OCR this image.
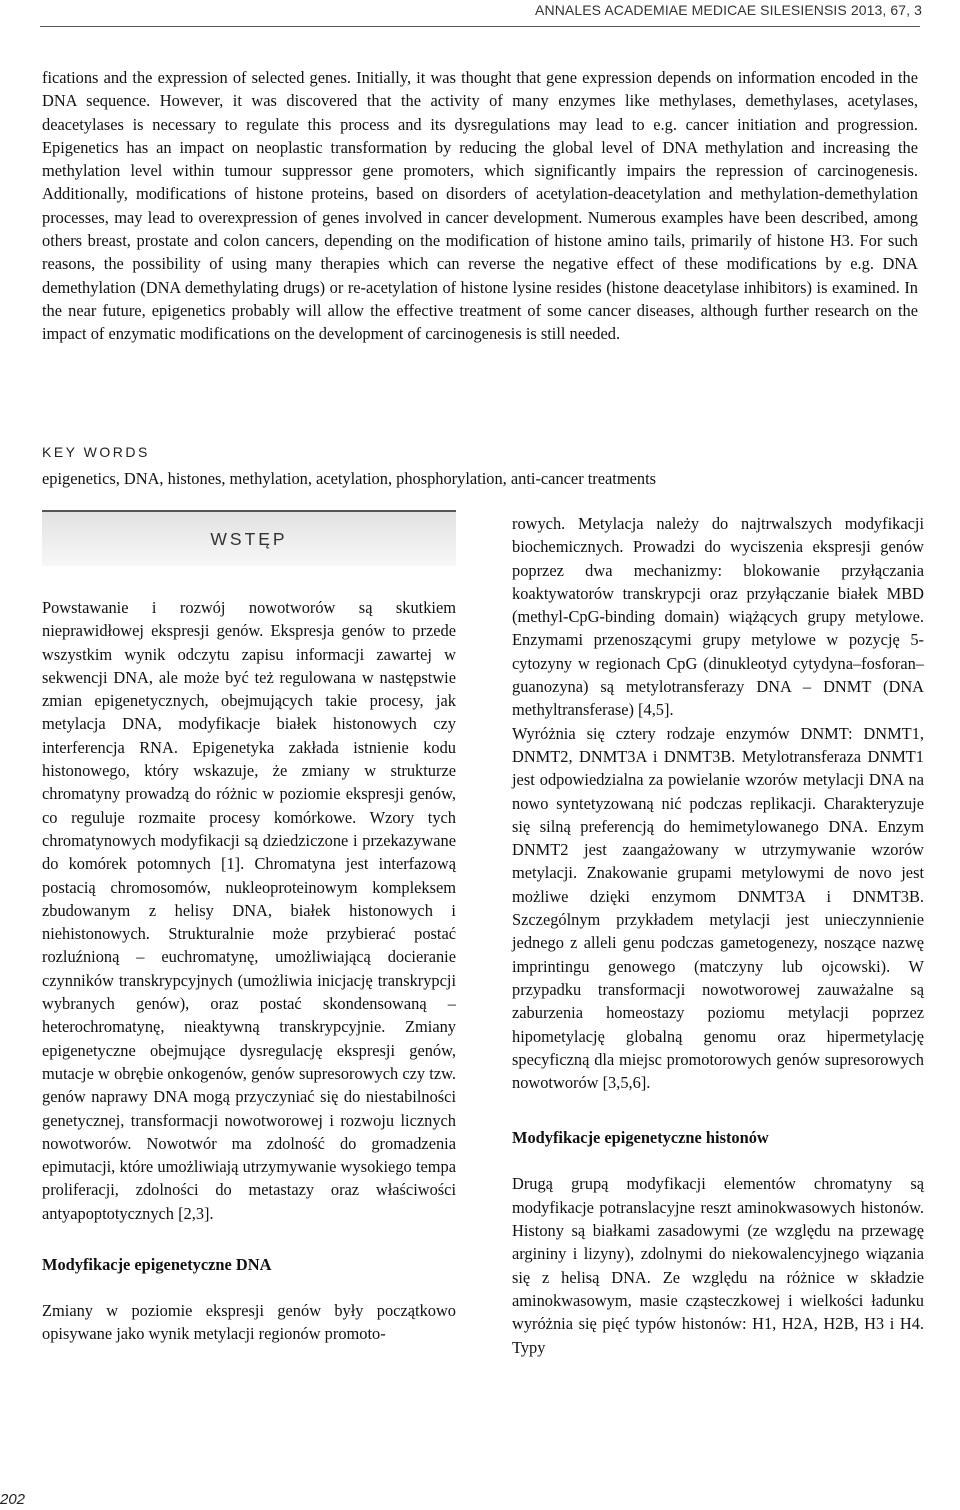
ANNALES ACADEMIAE MEDICAE SILESIENSIS 2013, 67, 3

fications and the expression of selected genes. Initially, it was thought that gene expression depends on information encoded in the DNA sequence. However, it was discovered that the activity of many enzymes like methylases, demethylases, acetylases, deacetylases is necessary to regulate this process and its dysregulations may lead to e.g. cancer initiation and progression. Epigenetics has an impact on neoplastic transformation by reducing the global level of DNA methylation and increasing the methylation level within tumour suppressor gene promoters, which significantly impairs the repression of carcinogenesis. Additionally, modifications of histone proteins, based on disorders of acetylation-deacetylation and methylation-demethylation processes, may lead to overexpression of genes involved in cancer development. Numerous examples have been described, among others breast, prostate and colon cancers, depending on the modification of histone amino tails, primarily of histone H3. For such reasons, the possibility of using many therapies which can reverse the negative effect of these modifications by e.g. DNA demethylation (DNA demethylating drugs) or re-acetylation of histone lysine resides (histone deacetylase inhibitors) is examined. In the near future, epigenetics probably will allow the effective treatment of some cancer diseases, although further research on the impact of enzymatic modifications on the development of carcinogenesis is still needed.

KEY WORDS

epigenetics, DNA, histones, methylation, acetylation, phosphorylation, anti-cancer treatments

WSTĘP

Powstawanie i rozwój nowotworów są skutkiem nieprawidłowej ekspresji genów. Ekspresja genów to przede wszystkim wynik odczytu zapisu informacji zawartej w sekwencji DNA, ale może być też regulowana w następstwie zmian epigenetycznych, obejmujących takie procesy, jak metylacja DNA, modyfikacje białek histonowych czy interferencja RNA. Epigenetyka zakłada istnienie kodu histonowego, który wskazuje, że zmiany w strukturze chromatyny prowadzą do różnic w poziomie ekspresji genów, co reguluje rozmaite procesy komórkowe. Wzory tych chromatynowych modyfikacji są dziedziczone i przekazywane do komórek potomnych [1]. Chromatyna jest interfazową postacią chromosomów, nukleoproteinowym kompleksem zbudowanym z helisy DNA, białek histonowych i niehistonowych. Strukturalnie może przybierać postać rozluźnioną – euchromatynę, umożliwiającą docieranie czynników transkrypcyjnych (umożliwia inicjację transkrypcji wybranych genów), oraz postać skondensowaną – heterochromatynę, nieaktywną transkrypcyjnie. Zmiany epigenetyczne obejmujące dysregulację ekspresji genów, mutacje w obrębie onkogenów, genów supresorowych czy tzw. genów naprawy DNA mogą przyczyniać się do niestabilności genetycznej, transformacji nowotworowej i rozwoju licznych nowotworów. Nowotwór ma zdolność do gromadzenia epimutacji, które umożliwiają utrzymywanie wysokiego tempa proliferacji, zdolności do metastazy oraz właściwości antyapoptotycznych [2,3].

Modyfikacje epigenetyczne DNA

Zmiany w poziomie ekspresji genów były początkowo opisywane jako wynik metylacji regionów promoto-

rowych. Metylacja należy do najtrwalszych modyfikacji biochemicznych. Prowadzi do wyciszenia ekspresji genów poprzez dwa mechanizmy: blokowanie przyłączania koaktywatorów transkrypcji oraz przyłączanie białek MBD (methyl-CpG-binding domain) wiążących grupy metylowe. Enzymami przenoszącymi grupy metylowe w pozycję 5-cytozyny w regionach CpG (dinukleotyd cytydyna–fosforan–guanozyna) są metylotransferazy DNA – DNMT (DNA methyltransferase) [4,5].

Wyróżnia się cztery rodzaje enzymów DNMT: DNMT1, DNMT2, DNMT3A i DNMT3B. Metylotransferaza DNMT1 jest odpowiedzialna za powielanie wzorów metylacji DNA na nowo syntetyzowaną nić podczas replikacji. Charakteryzuje się silną preferencją do hemimetylowanego DNA. Enzym DNMT2 jest zaangażowany w utrzymywanie wzorów metylacji. Znakowanie grupami metylowymi de novo jest możliwe dzięki enzymom DNMT3A i DNMT3B. Szczególnym przykładem metylacji jest unieczynnienie jednego z alleli genu podczas gametogenezy, noszące nazwę imprintingu genowego (matczyny lub ojcowski). W przypadku transformacji nowotworowej zauważalne są zaburzenia homeostazy poziomu metylacji poprzez hipometylację globalną genomu oraz hipermetylację specyficzną dla miejsc promotorowych genów supresorowych nowotworów [3,5,6].

Modyfikacje epigenetyczne histonów

Drugą grupą modyfikacji elementów chromatyny są modyfikacje potranslacyjne reszt aminokwasowych histonów. Histony są białkami zasadowymi (ze względu na przewagę argininy i lizyny), zdolnymi do niekowalencyjnego wiązania się z helisą DNA. Ze względu na różnice w składzie aminokwasowym, masie cząsteczkowej i wielkości ładunku wyróżnia się pięć typów histonów: H1, H2A, H2B, H3 i H4. Typy

202
